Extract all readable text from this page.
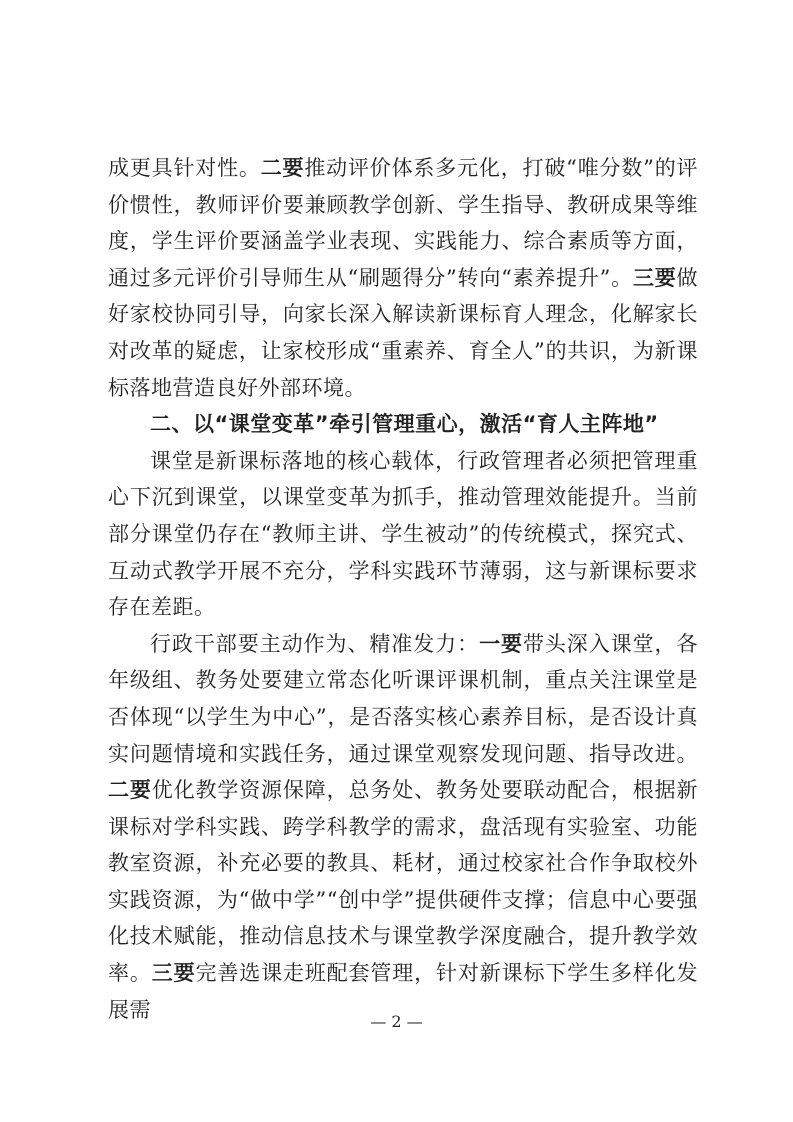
成更具针对性。二要推动评价体系多元化，打破“唯分数”的评价惯性，教师评价要兼顾教学创新、学生指导、教研成果等维度，学生评价要涵盖学业表现、实践能力、综合素质等方面，通过多元评价引导师生从“刷题得分”转向“素养提升”。三要做好家校协同引导，向家长深入解读新课标育人理念，化解家长对改革的疑虑，让家校形成“重素养、育全人”的共识，为新课标落地营造良好外部环境。

二、以“课堂变革”牵引管理重心，激活“育人主阵地”

课堂是新课标落地的核心载体，行政管理者必须把管理重心下沉到课堂，以课堂变革为抓手，推动管理效能提升。当前部分课堂仍存在“教师主讲、学生被动”的传统模式，探究式、互动式教学开展不充分，学科实践环节薄弱，这与新课标要求存在差距。

行政干部要主动作为、精准发力：一要带头深入课堂，各年级组、教务处要建立常态化听课评课机制，重点关注课堂是否体现“以学生为中心”，是否落实核心素养目标，是否设计真实问题情境和实践任务，通过课堂观察发现问题、指导改进。二要优化教学资源保障，总务处、教务处要联动配合，根据新课标对学科实践、跨学科教学的需求，盘活现有实验室、功能教室资源，补充必要的教具、耗材，通过校家社合作争取校外实践资源，为“做中学”“创中学”提供硬件支撑；信息中心要强化技术赋能，推动信息技术与课堂教学深度融合，提升教学效率。三要完善选课走班配套管理，针对新课标下学生多样化发展需	— 2 —
